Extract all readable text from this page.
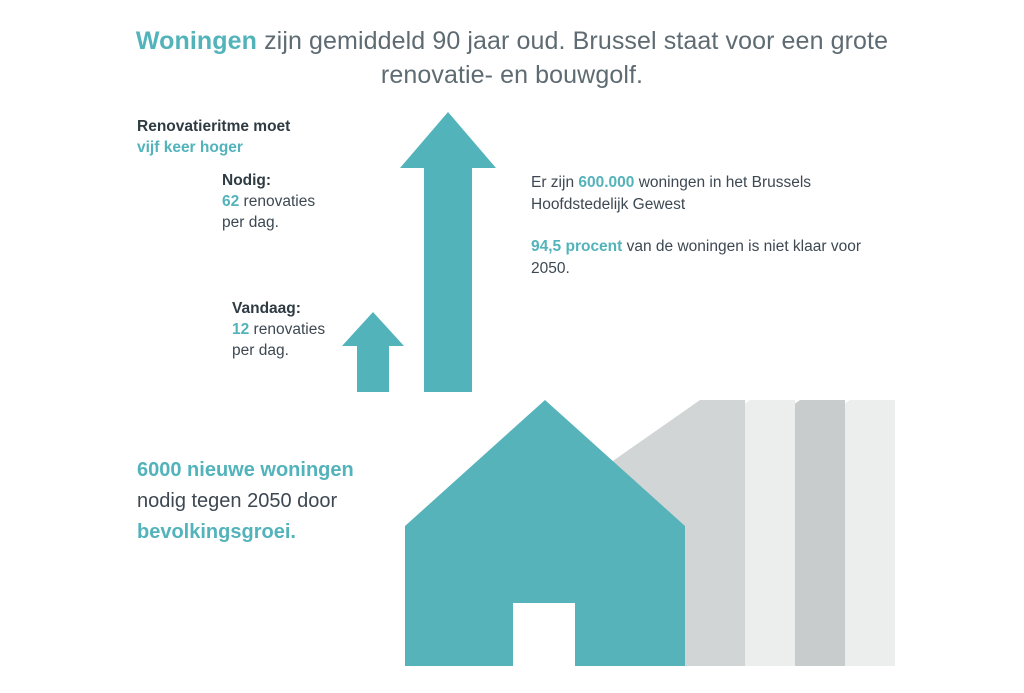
Woningen zijn gemiddeld 90 jaar oud. Brussel staat voor een grote renovatie- en bouwgolf.
Renovatieritme moet
vijf keer hoger
Nodig:
62 renovaties
per dag.
Vandaag:
12 renovaties
per dag.
Er zijn 600.000 woningen in het Brussels Hoofdstedelijk Gewest
94,5 procent van de woningen is niet klaar voor 2050.
6000 nieuwe woningen
nodig tegen 2050 door
bevolkingsgroei.
